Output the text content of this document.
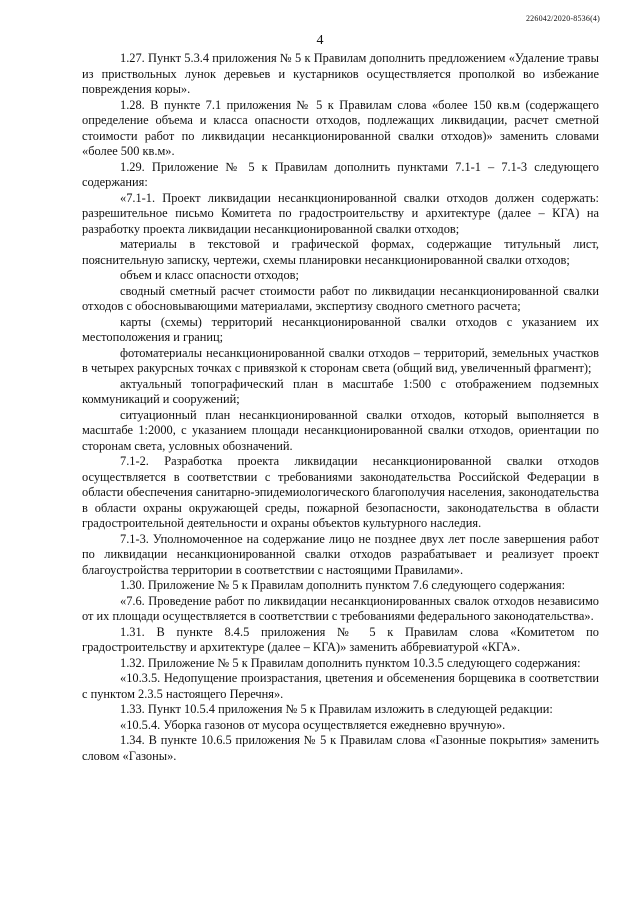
226042/2020-8536(4)
4

1.27. Пункт 5.3.4 приложения № 5 к Правилам дополнить предложением «Удаление травы из приствольных лунок деревьев и кустарников осуществляется прополкой во избежание повреждения коры».

1.28. В пункте 7.1 приложения № 5 к Правилам слова «более 150 кв.м (содержащего определение объема и класса опасности отходов, подлежащих ликвидации, расчет сметной стоимости работ по ликвидации несанкционированной свалки отходов)» заменить словами «более 500 кв.м».

1.29. Приложение № 5 к Правилам дополнить пунктами 7.1-1 – 7.1-3 следующего содержания:

«7.1-1. Проект ликвидации несанкционированной свалки отходов должен содержать: разрешительное письмо Комитета по градостроительству и архитектуре (далее – КГА) на разработку проекта ликвидации несанкционированной свалки отходов;

материалы в текстовой и графической формах, содержащие титульный лист, пояснительную записку, чертежи, схемы планировки несанкционированной свалки отходов;

объем и класс опасности отходов;

сводный сметный расчет стоимости работ по ликвидации несанкционированной свалки отходов с обосновывающими материалами, экспертизу сводного сметного расчета;

карты (схемы) территорий несанкционированной свалки отходов с указанием их местоположения и границ;

фотоматериалы несанкционированной свалки отходов – территорий, земельных участков в четырех ракурсных точках с привязкой к сторонам света (общий вид, увеличенный фрагмент);

актуальный топографический план в масштабе 1:500 с отображением подземных коммуникаций и сооружений;

ситуационный план несанкционированной свалки отходов, который выполняется в масштабе 1:2000, с указанием площади несанкционированной свалки отходов, ориентации по сторонам света, условных обозначений.

7.1-2. Разработка проекта ликвидации несанкционированной свалки отходов осуществляется в соответствии с требованиями законодательства Российской Федерации в области обеспечения санитарно-эпидемиологического благополучия населения, законодательства в области охраны окружающей среды, пожарной безопасности, законодательства в области градостроительной деятельности и охраны объектов культурного наследия.

7.1-3. Уполномоченное на содержание лицо не позднее двух лет после завершения работ по ликвидации несанкционированной свалки отходов разрабатывает и реализует проект благоустройства территории в соответствии с настоящими Правилами».

1.30. Приложение № 5 к Правилам дополнить пунктом 7.6 следующего содержания:

«7.6. Проведение работ по ликвидации несанкционированных свалок отходов независимо от их площади осуществляется в соответствии с требованиями федерального законодательства».

1.31. В пункте 8.4.5 приложения № 5 к Правилам слова «Комитетом по градостроительству и архитектуре (далее – КГА)» заменить аббревиатурой «КГА».

1.32. Приложение № 5 к Правилам дополнить пунктом 10.3.5 следующего содержания:

«10.3.5. Недопущение произрастания, цветения и обсеменения борщевика в соответствии с пунктом 2.3.5 настоящего Перечня».

1.33. Пункт 10.5.4 приложения № 5 к Правилам изложить в следующей редакции:

«10.5.4. Уборка газонов от мусора осуществляется ежедневно вручную».

1.34. В пункте 10.6.5 приложения № 5 к Правилам слова «Газонные покрытия» заменить словом «Газоны».
